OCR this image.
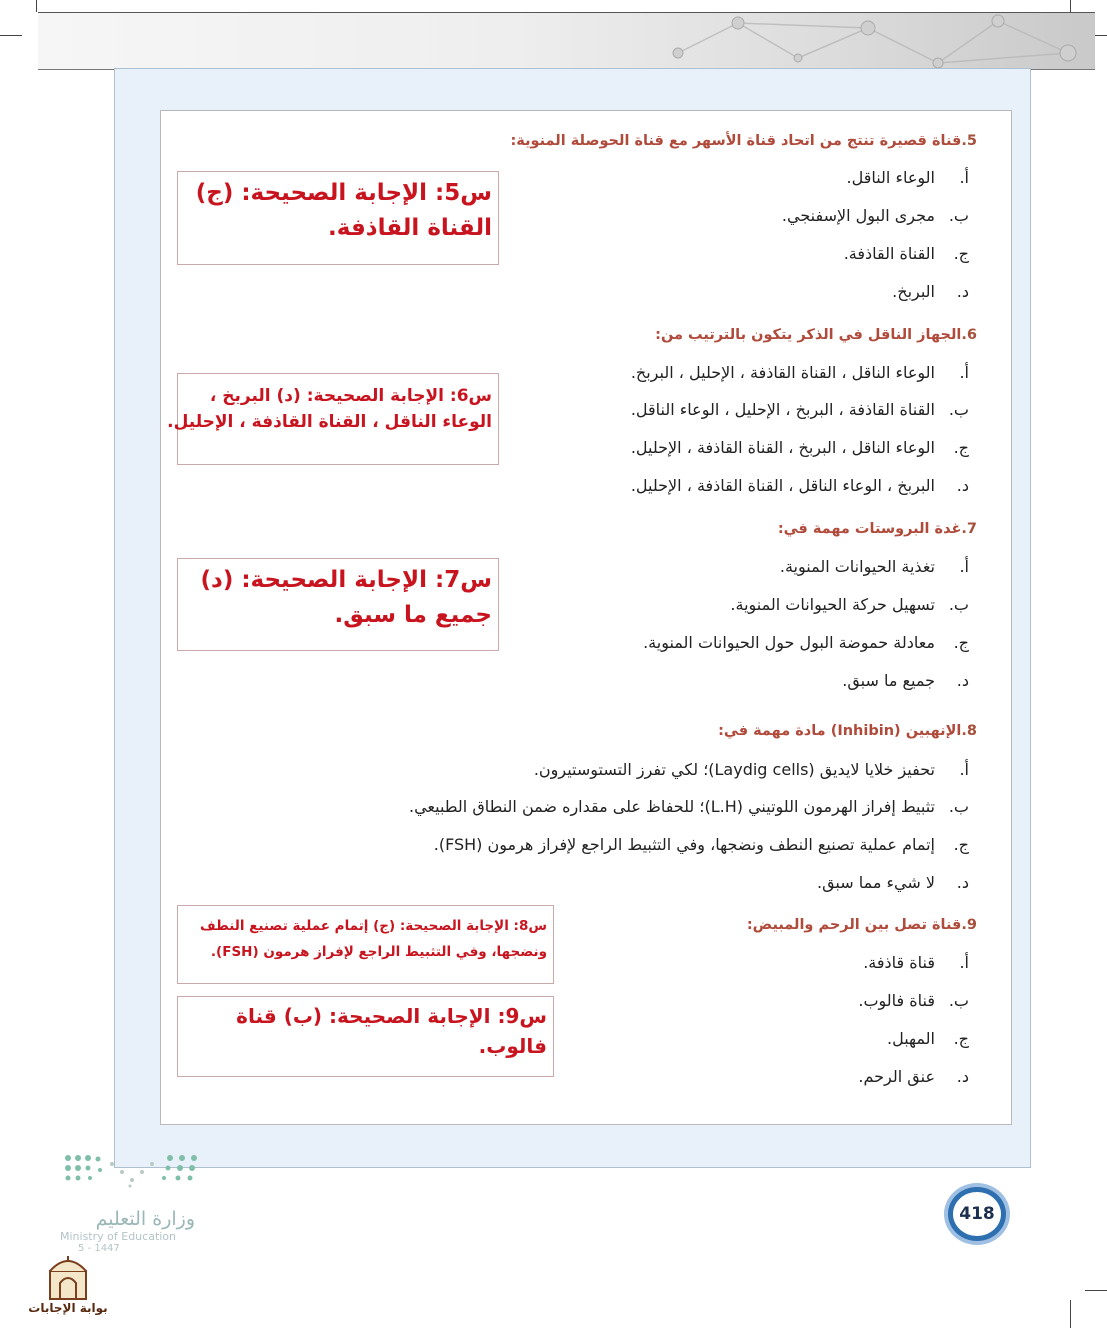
5.قناة قصيرة تنتج من اتحاد قناة الأسهر مع قناة الحوصلة المنوية:
أ.الوعاء الناقل.
ب.مجرى البول الإسفنجي.
ج.القناة القاذفة.
د.البربخ.
6.الجهاز الناقل في الذكر يتكون بالترتيب من:
أ.الوعاء الناقل ، القناة القاذفة ، الإحليل ، البربخ.
ب.القناة القاذفة ، البربخ ، الإحليل ، الوعاء الناقل.
ج.الوعاء الناقل ، البربخ ، القناة القاذفة ، الإحليل.
د.البربخ ، الوعاء الناقل ، القناة القاذفة ، الإحليل.
7.غدة البروستات مهمة في:
أ.تغذية الحيوانات المنوية.
ب.تسهيل حركة الحيوانات المنوية.
ج.معادلة حموضة البول حول الحيوانات المنوية.
د.جميع ما سبق.
8.الإنهبين (Inhibin) مادة مهمة في:
أ.تحفيز خلايا لايديق (Laydig cells)؛ لكي تفرز التستوستيرون.
ب.تثبيط إفراز الهرمون اللوتيني (L.H)؛ للحفاظ على مقداره ضمن النطاق الطبيعي.
ج.إتمام عملية تصنيع النطف ونضجها، وفي التثبيط الراجع لإفراز هرمون (FSH).
د.لا شيء مما سبق.
9.قناة تصل بين الرحم والمبيض:
أ.قناة قاذفة.
ب.قناة فالوب.
ج.المهبل.
د.عنق الرحم.
س5: الإجابة الصحيحة: (ج)
القناة القاذفة.
س6: الإجابة الصحيحة: (د) البربخ ،
الوعاء الناقل ، القناة القاذفة ، الإحليل.
س7: الإجابة الصحيحة: (د)
جميع ما سبق.
س8: الإجابة الصحيحة: (ج) إتمام عملية تصنيع النطف
ونضجها، وفي التثبيط الراجع لإفراز هرمون (FSH).
س9: الإجابة الصحيحة: (ب) قناة
فالوب.
وزارة التعليم
Ministry of Education
5 - 1447
بوابة الإجابات
418
